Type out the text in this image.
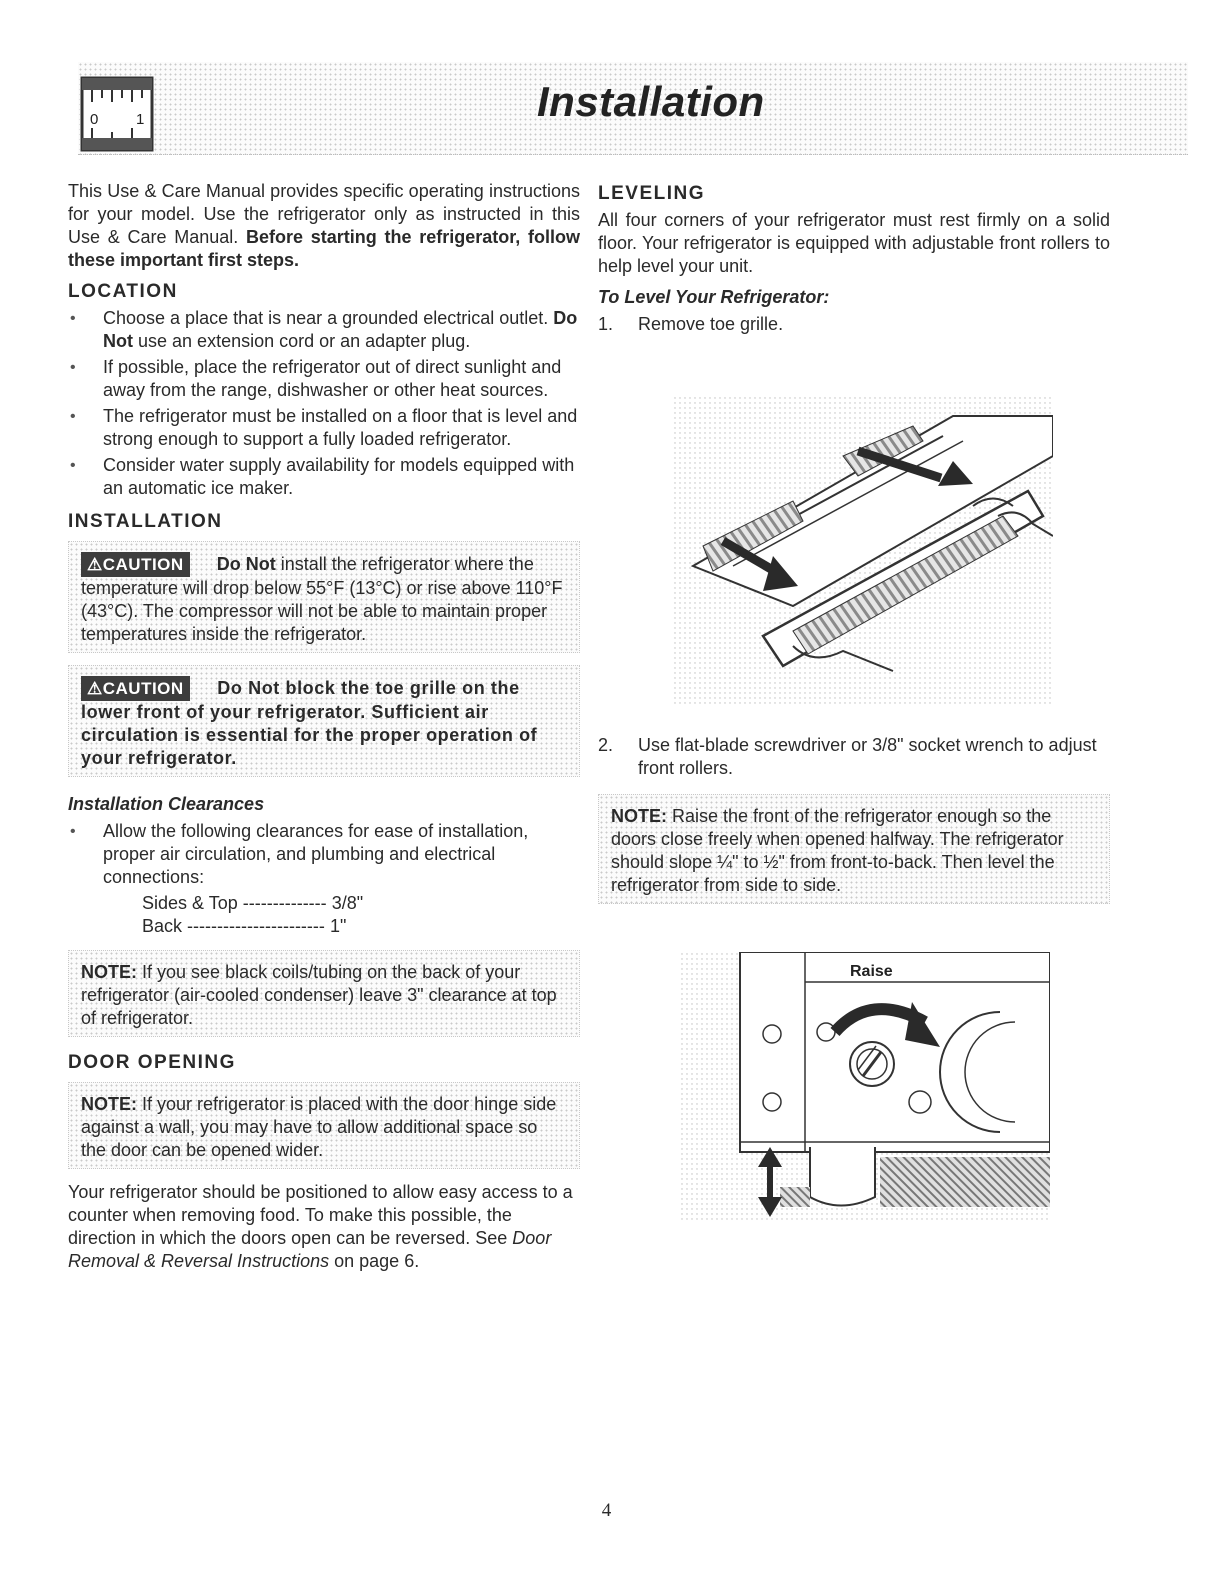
0	1	Installation

This Use & Care Manual provides specific operating instructions for your model. Use the refrigerator only as instructed in this Use & Care Manual. Before starting the refrigerator, follow these important first steps.

LOCATION
• Choose a place that is near a grounded electrical outlet. Do Not use an extension cord or an adapter plug.
• If possible, place the refrigerator out of direct sunlight and away from the range, dishwasher or other heat sources.
• The refrigerator must be installed on a floor that is level and strong enough to support a fully loaded refrigerator.
• Consider water supply availability for models equipped with an automatic ice maker.
INSTALLATION
⚠CAUTION Do Not install the refrigerator where the temperature will drop below 55°F (13°C) or rise above 110°F (43°C). The compressor will not be able to maintain proper temperatures inside the refrigerator.
⚠CAUTION Do Not block the toe grille on the lower front of your refrigerator. Sufficient air circulation is essential for the proper operation of your refrigerator.
Installation Clearances
• Allow the following clearances for ease of installation, proper air circulation, and plumbing and electrical connections:
Sides & Top -------------- 3/8"
Back ----------------------- 1"
NOTE: If you see black coils/tubing on the back of your refrigerator (air-cooled condenser) leave 3" clearance at top of refrigerator.
DOOR OPENING
NOTE: If your refrigerator is placed with the door hinge side against a wall, you may have to allow additional space so the door can be opened wider.

Your refrigerator should be positioned to allow easy access to a counter when removing food. To make this possible, the direction in which the doors open can be reversed. See Door Removal & Reversal Instructions on page 6.

LEVELING

All four corners of your refrigerator must rest firmly on a solid floor. Your refrigerator is equipped with adjustable front rollers to help level your unit.

To Level Your Refrigerator:
1. Remove toe grille.
2. Use flat-blade screwdriver or 3/8" socket wrench to adjust front rollers.
NOTE: Raise the front of the refrigerator enough so the doors close freely when opened halfway. The refrigerator should slope ¼" to ½" from front-to-back. Then level the refrigerator from side to side.
Raise
4
